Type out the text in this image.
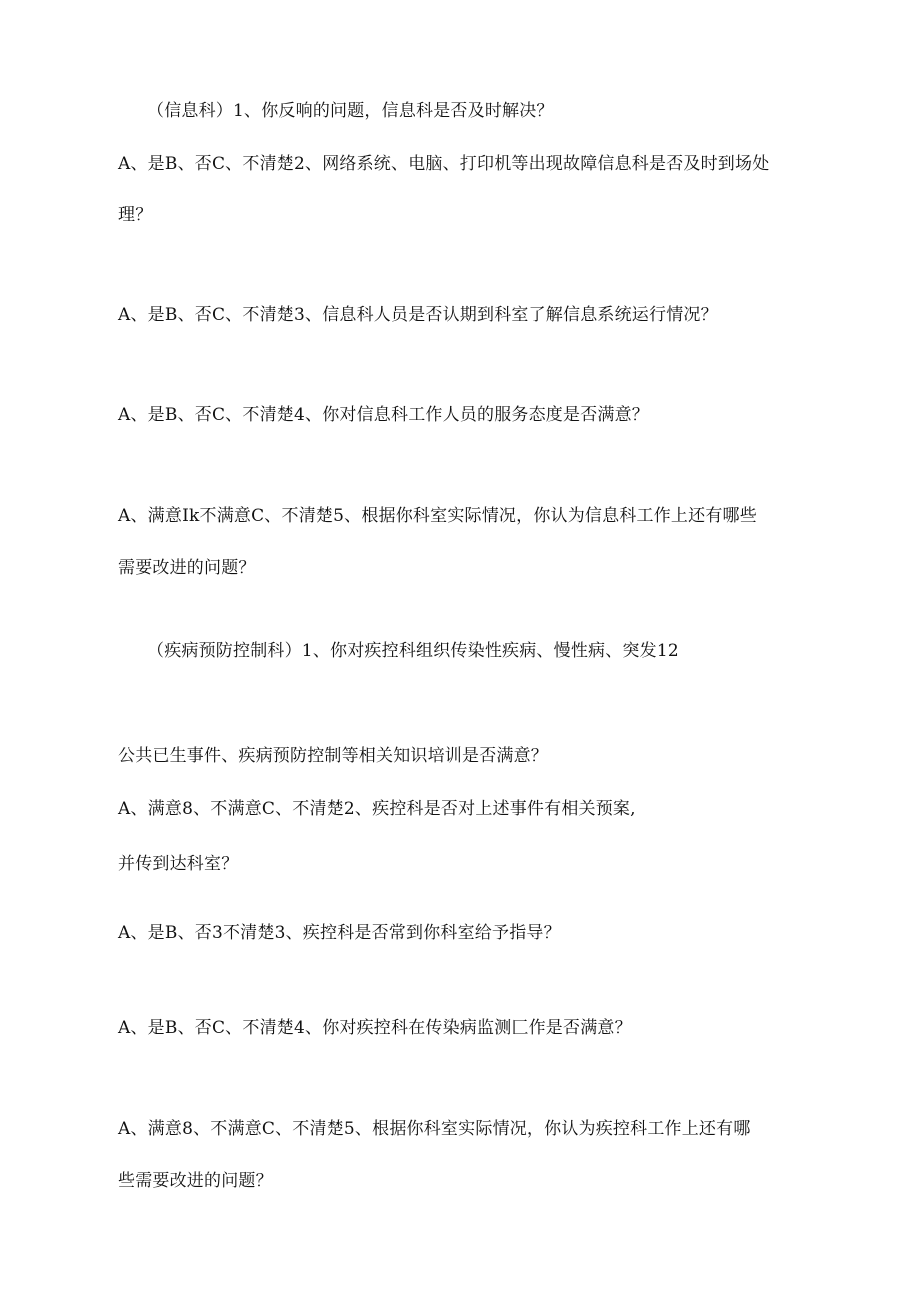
（信息科）1、你反响的问题，信息科是否及时解决？
A、是B、否C、不清楚2、网络系统、电脑、打印机等出现故障信息科是否及时到场处
理？
A、是B、否C、不清楚3、信息科人员是否认期到科室了解信息系统运行情况？
A、是B、否C、不清楚4、你对信息科工作人员的服务态度是否满意？
A、满意Ik不满意C、不清楚5、根据你科室实际情况，你认为信息科工作上还有哪些
需要改进的问题？
（疾病预防控制科）1、你对疾控科组织传染性疾病、慢性病、突发12
公共已生事件、疾病预防控制等相关知识培训是否满意？
A、满意8、不满意C、不清楚2、疾控科是否对上述事件有相关预案,
并传到达科室？
A、是B、否3不清楚3、疾控科是否常到你科室给予指导？
A、是B、否C、不清楚4、你对疾控科在传染病监测匚作是否满意？
A、满意8、不满意C、不清楚5、根据你科室实际情况，你认为疾控科工作上还有哪
些需要改进的问题？
